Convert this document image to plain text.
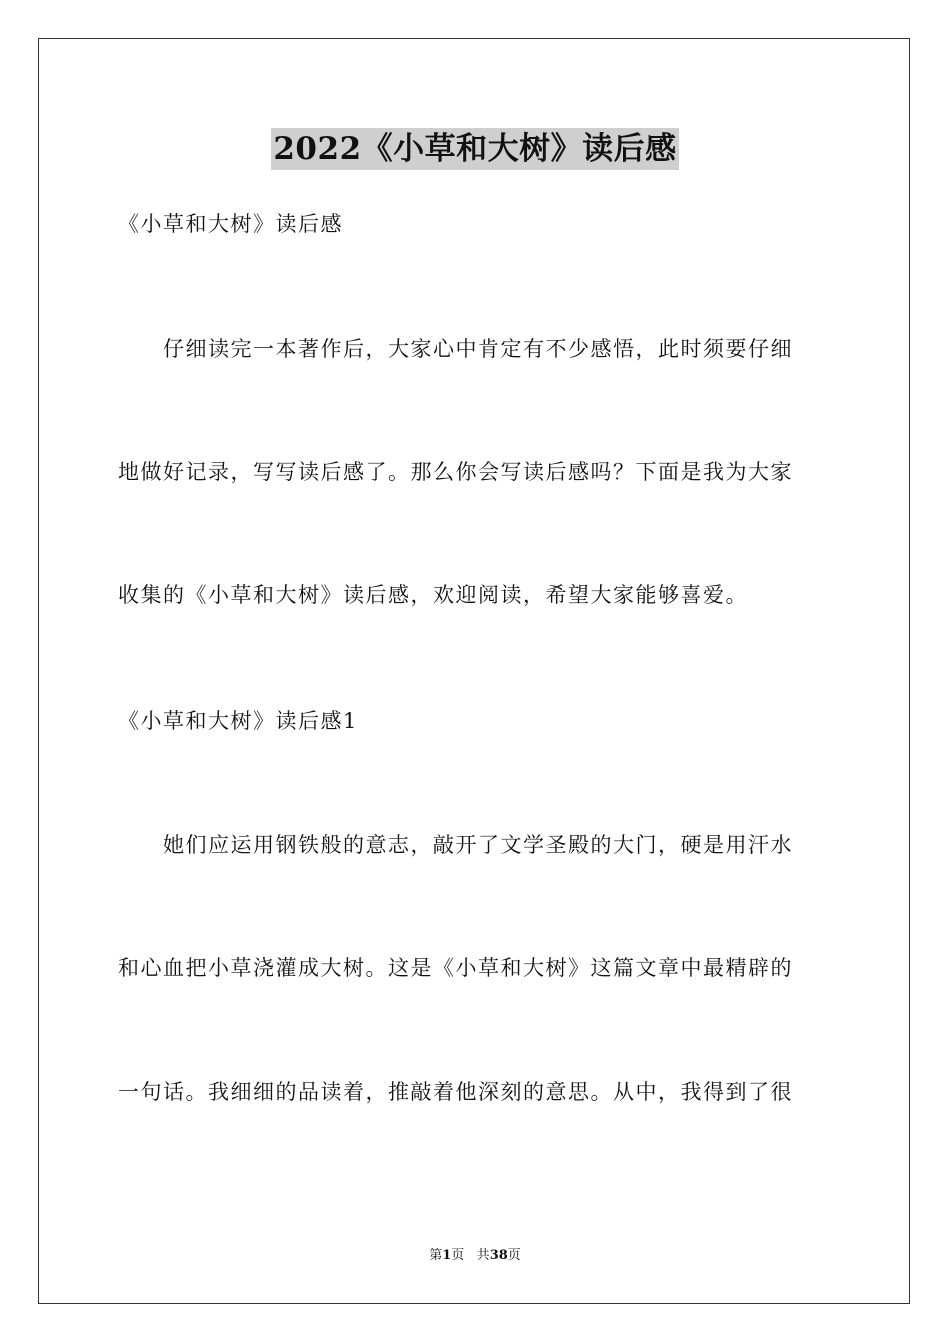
2022《小草和大树》读后感
《小草和大树》读后感
　　仔细读完一本著作后，大家心中肯定有不少感悟，此时须要仔细
地做好记录，写写读后感了。那么你会写读后感吗？下面是我为大家
收集的《小草和大树》读后感，欢迎阅读，希望大家能够喜爱。
《小草和大树》读后感1
　　她们应运用钢铁般的意志，敲开了文学圣殿的大门，硬是用汗水
和心血把小草浇灌成大树。这是《小草和大树》这篇文章中最精辟的
一句话。我细细的品读着，推敲着他深刻的意思。从中，我得到了很
第1页 共38页
